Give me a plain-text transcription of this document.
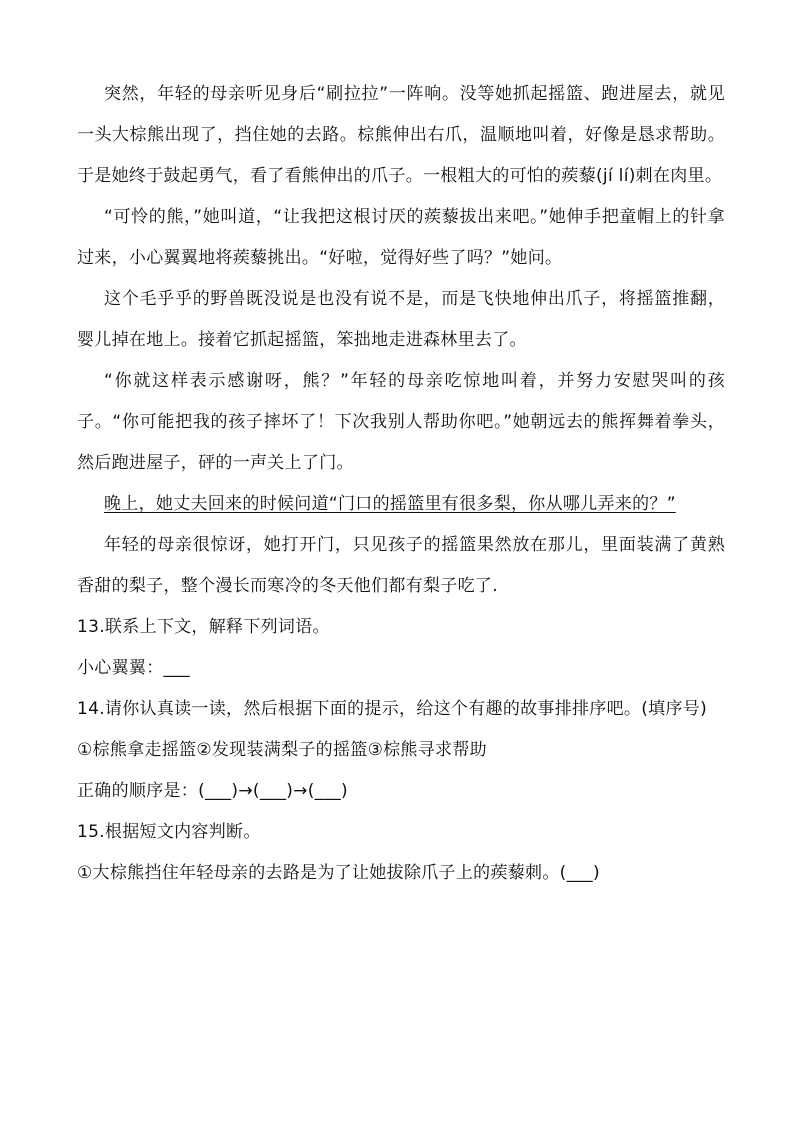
突然，年轻的母亲听见身后“刷拉拉”一阵响。没等她抓起摇篮、跑进屋去，就见一头大棕熊出现了，挡住她的去路。棕熊伸出右爪，温顺地叫着，好像是恳求帮助。于是她终于鼓起勇气，看了看熊伸出的爪子。一根粗大的可怕的蒺藜(jí lí)刺在肉里。

“可怜的熊，”她叫道，“让我把这根讨厌的蒺藜拔出来吧。”她伸手把童帽上的针拿过来，小心翼翼地将蒺藜挑出。“好啦，觉得好些了吗？”她问。

这个毛乎乎的野兽既没说是也没有说不是，而是飞快地伸出爪子，将摇篮推翻，婴儿掉在地上。接着它抓起摇篮，笨拙地走进森林里去了。

“你就这样表示感谢呀，熊？”年轻的母亲吃惊地叫着，并努力安慰哭叫的孩子。“你可能把我的孩子摔坏了！下次我别人帮助你吧。”她朝远去的熊挥舞着拳头，然后跑进屋子，砰的一声关上了门。

晚上，她丈夫回来的时候问道“门口的摇篮里有很多梨，你从哪儿弄来的？”

年轻的母亲很惊讶，她打开门，只见孩子的摇篮果然放在那儿，里面装满了黄熟香甜的梨子，整个漫长而寒冷的冬天他们都有梨子吃了.

13.联系上下文，解释下列词语。

小心翼翼：___

14.请你认真读一读，然后根据下面的提示，给这个有趣的故事排排序吧。(填序号)

①棕熊拿走摇篮②发现装满梨子的摇篮③棕熊寻求帮助

正确的顺序是：(___)→(___)→(___)

15.根据短文内容判断。

①大棕熊挡住年轻母亲的去路是为了让她拔除爪子上的蒺藜刺。(___)
